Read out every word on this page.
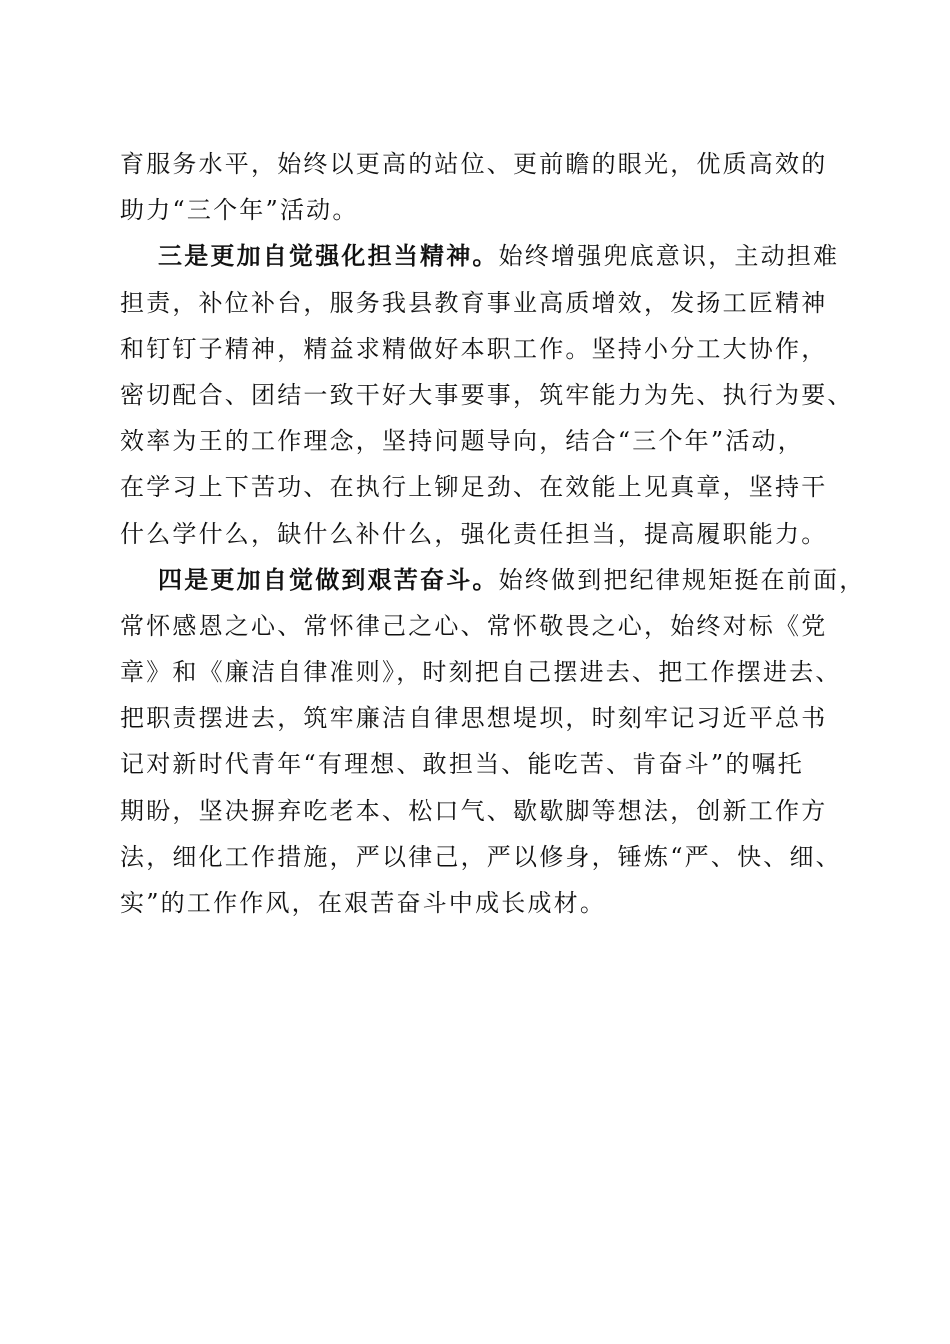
育服务水平，始终以更高的站位、更前瞻的眼光，优质高效的
助力“三个年”活动。
三是更加自觉强化担当精神。始终增强兜底意识，主动担难
担责，补位补台，服务我县教育事业高质增效，发扬工匠精神
和钉钉子精神，精益求精做好本职工作。坚持小分工大协作，
密切配合、团结一致干好大事要事，筑牢能力为先、执行为要、
效率为王的工作理念，坚持问题导向，结合“三个年”活动，
在学习上下苦功、在执行上铆足劲、在效能上见真章，坚持干
什么学什么，缺什么补什么，强化责任担当，提高履职能力。
四是更加自觉做到艰苦奋斗。始终做到把纪律规矩挺在前面，
常怀感恩之心、常怀律己之心、常怀敬畏之心，始终对标《党
章》和《廉洁自律准则》，时刻把自己摆进去、把工作摆进去、
把职责摆进去，筑牢廉洁自律思想堤坝，时刻牢记习近平总书
记对新时代青年“有理想、敢担当、能吃苦、肯奋斗”的嘱托
期盼，坚决摒弃吃老本、松口气、歇歇脚等想法，创新工作方
法，细化工作措施，严以律己，严以修身，锤炼“严、快、细、
实”的工作作风，在艰苦奋斗中成长成材。
